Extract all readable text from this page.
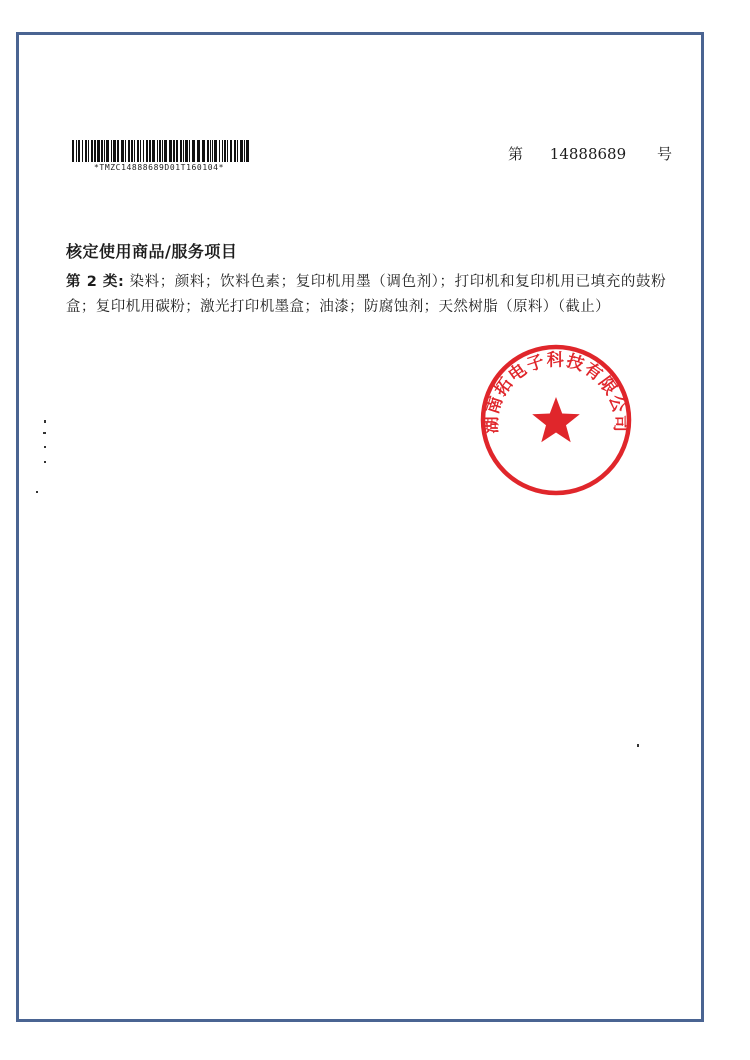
*TMZC14888689D01T160104*
第 14888689 号
核定使用商品/服务项目
第 2 类: 染料；颜料；饮料色素；复印机用墨（调色剂）；打印机和复印机用已填充的鼓粉盒；复印机用碳粉；激光打印机墨盒；油漆；防腐蚀剂；天然树脂（原料）（截止）
湖南拓电子科技有限公司
